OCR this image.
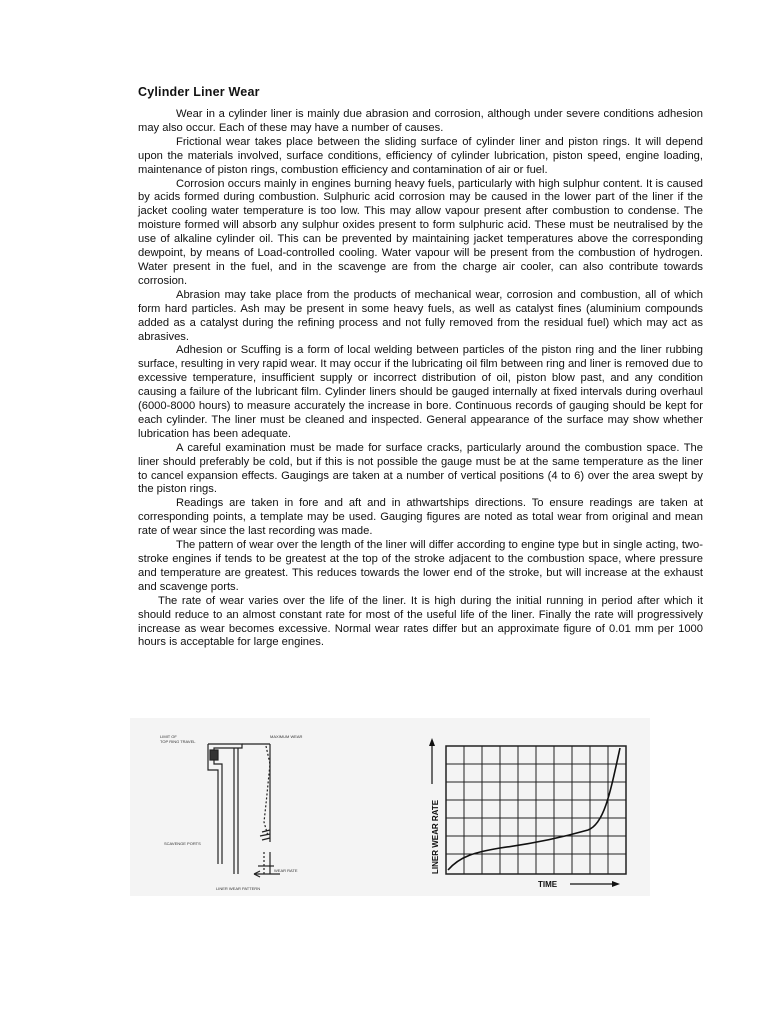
Cylinder Liner Wear

Wear in a cylinder liner is mainly due abrasion and corrosion, although under severe conditions adhesion may also occur. Each of these may have a number of causes.

Frictional wear takes place between the sliding surface of cylinder liner and piston rings. It will depend upon the materials involved, surface conditions, efficiency of cylinder lubrication, piston speed, engine loading, maintenance of piston rings, combustion efficiency and contamination of air or fuel.

Corrosion occurs mainly in engines burning heavy fuels, particularly with high sulphur content. It is caused by acids formed during combustion. Sulphuric acid corrosion may be caused in the lower part of the liner if the jacket cooling water temperature is too low. This may allow vapour present after combustion to condense. The moisture formed will absorb any sulphur oxides present to form sulphuric acid. These must be neutralised by the use of alkaline cylinder oil. This can be prevented by maintaining jacket temperatures above the corresponding dewpoint, by means of Load-controlled cooling. Water vapour will be present from the combustion of hydrogen. Water present in the fuel, and in the scavenge are from the charge air cooler, can also contribute towards corrosion.

Abrasion may take place from the products of mechanical wear, corrosion and combustion, all of which form hard particles. Ash may be present in some heavy fuels, as well as catalyst fines (aluminium compounds added as a catalyst during the refining process and not fully removed from the residual fuel) which may act as abrasives.

Adhesion or Scuffing is a form of local welding between particles of the piston ring and the liner rubbing surface, resulting in very rapid wear. It may occur if the lubricating oil film between ring and liner is removed due to excessive temperature, insufficient supply or incorrect distribution of oil, piston blow past, and any condition causing a failure of the lubricant film. Cylinder liners should be gauged internally at fixed intervals during overhaul (6000-8000 hours) to measure accurately the increase in bore. Continuous records of gauging should be kept for each cylinder. The liner must be cleaned and inspected. General appearance of the surface may show whether lubrication has been adequate.

A careful examination must be made for surface cracks, particularly around the combustion space. The liner should preferably be cold, but if this is not possible the gauge must be at the same temperature as the liner to cancel expansion effects. Gaugings are taken at a number of vertical positions (4 to 6) over the area swept by the piston rings.

Readings are taken in fore and aft and in athwartships directions. To ensure readings are taken at corresponding points, a template may be used. Gauging figures are noted as total wear from original and mean rate of wear since the last recording was made.

The pattern of wear over the length of the liner will differ according to engine type but in single acting, two-stroke engines if tends to be greatest at the top of the stroke adjacent to the combustion space, where pressure and temperature are greatest. This reduces towards the lower end of the stroke, but will increase at the exhaust and scavenge ports.

The rate of wear varies over the life of the liner. It is high during the initial running in period after which it should reduce to an almost constant rate for most of the useful life of the liner. Finally the rate will progressively increase as wear becomes excessive. Normal wear rates differ but an approximate figure of 0.01 mm per 1000 hours is acceptable for large engines.

LIMIT OF
TOP RING TRAVEL
MAXIMUM WEAR
SCAVENGE PORTS
WEAR RATE
LINER WEAR PATTERN
LINER WEAR RATE
TIME
